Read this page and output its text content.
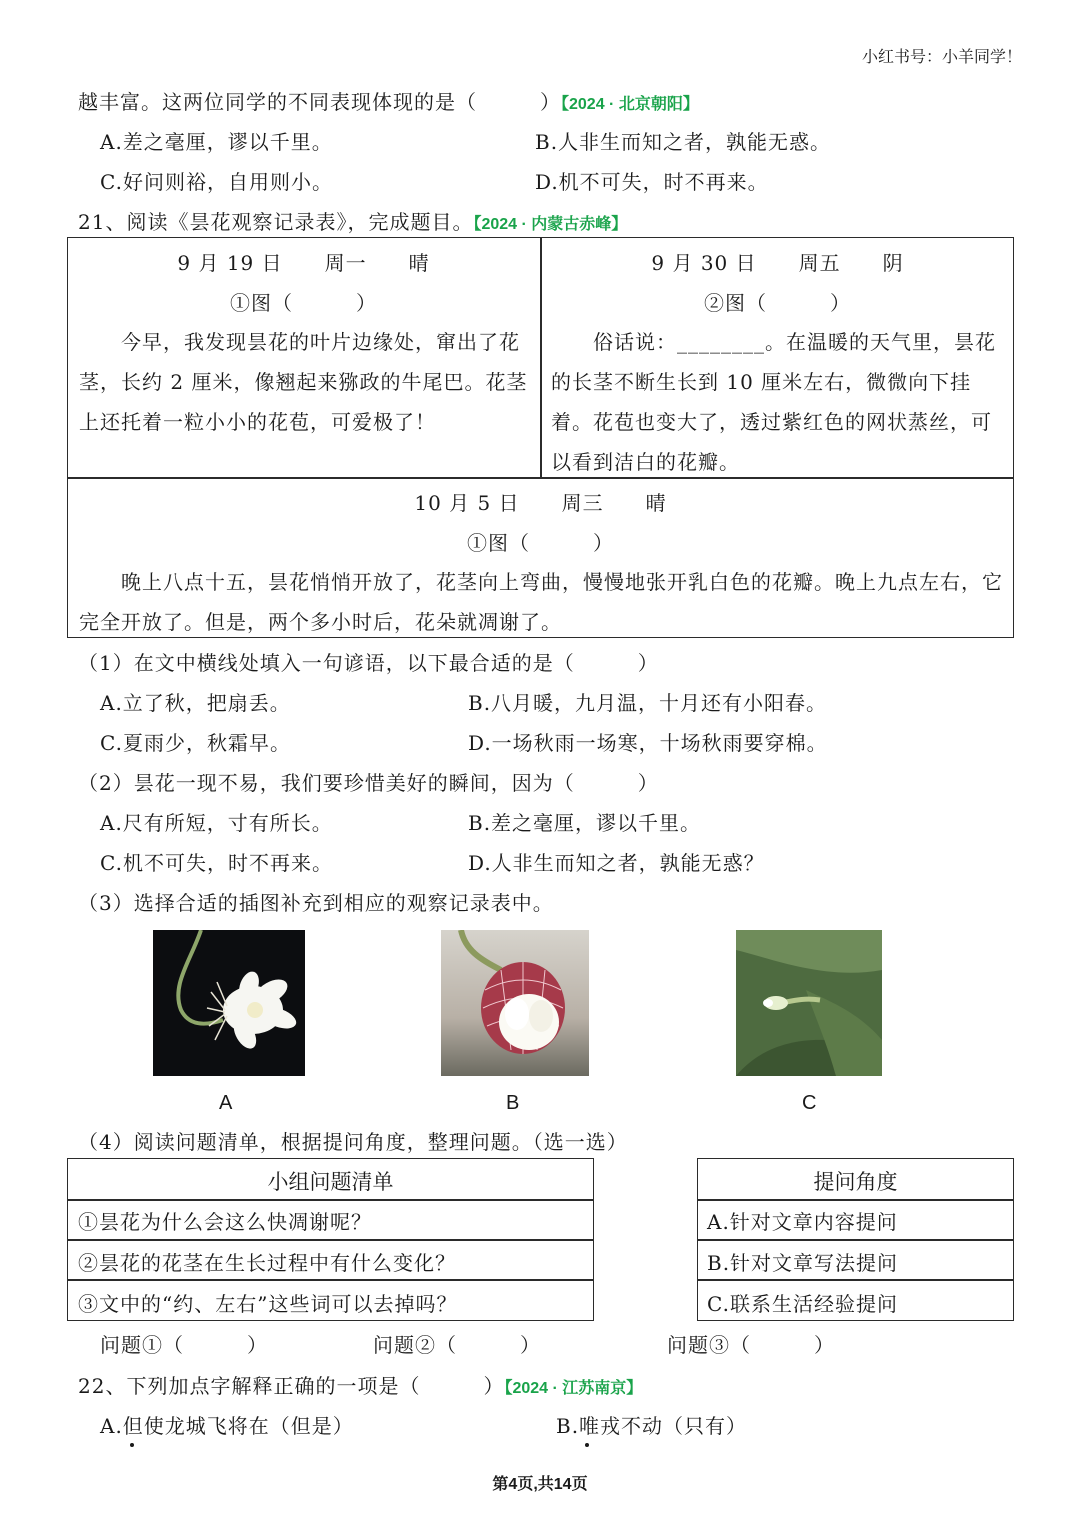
小红书号：小羊同学！
越丰富。这两位同学的不同表现体现的是（　　　）【2024 · 北京朝阳】
A.差之毫厘，谬以千里。	B.人非生而知之者，孰能无惑。
C.好问则裕，自用则小。	D.机不可失，时不再来。
21、阅读《昙花观察记录表》，完成题目。【2024 · 内蒙古赤峰】
9 月 19 日　　周一　　晴
①图（　　　）
今早，我发现昙花的叶片边缘处，窜出了花茎，长约 2 厘米，像翘起来猕政的牛尾巴。花茎上还托着一粒小小的花苞，可爱极了！
9 月 30 日　　周五　　阴
②图（　　　）
俗话说：________。在温暖的天气里，昙花的长茎不断生长到 10 厘米左右，微微向下挂着。花苞也变大了，透过紫红色的网状蒸丝，可以看到洁白的花瓣。
10 月 5 日　　周三　　晴
①图（　　　）
晚上八点十五，昙花悄悄开放了，花茎向上弯曲，慢慢地张开乳白色的花瓣。晚上九点左右，它完全开放了。但是，两个多小时后，花朵就凋谢了。
（1）在文中横线处填入一句谚语，以下最合适的是（　　　）
A.立了秋，把扇丢。	B.八月暖，九月温，十月还有小阳春。
C.夏雨少，秋霜早。	D.一场秋雨一场寒，十场秋雨要穿棉。
（2）昙花一现不易，我们要珍惜美好的瞬间，因为（　　　）
A.尺有所短，寸有所长。	B.差之毫厘，谬以千里。
C.机不可失，时不再来。	D.人非生而知之者，孰能无惑？
（3）选择合适的插图补充到相应的观察记录表中。
A	B	C
（4）阅读问题清单，根据提问角度，整理问题。（选一选）
小组问题清单
①昙花为什么会这么快凋谢呢？
②昙花的花茎在生长过程中有什么变化？
③文中的“约、左右”这些词可以去掉吗？
提问角度
A.针对文章内容提问
B.针对文章写法提问
C.联系生活经验提问
问题①（　　　）	问题②（　　　）	问题③（　　　）
22、下列加点字解释正确的一项是（　　　）【2024 · 江苏南京】
A.但使龙城飞将在（但是）	B.唯戎不动（只有）
第4页,共14页
